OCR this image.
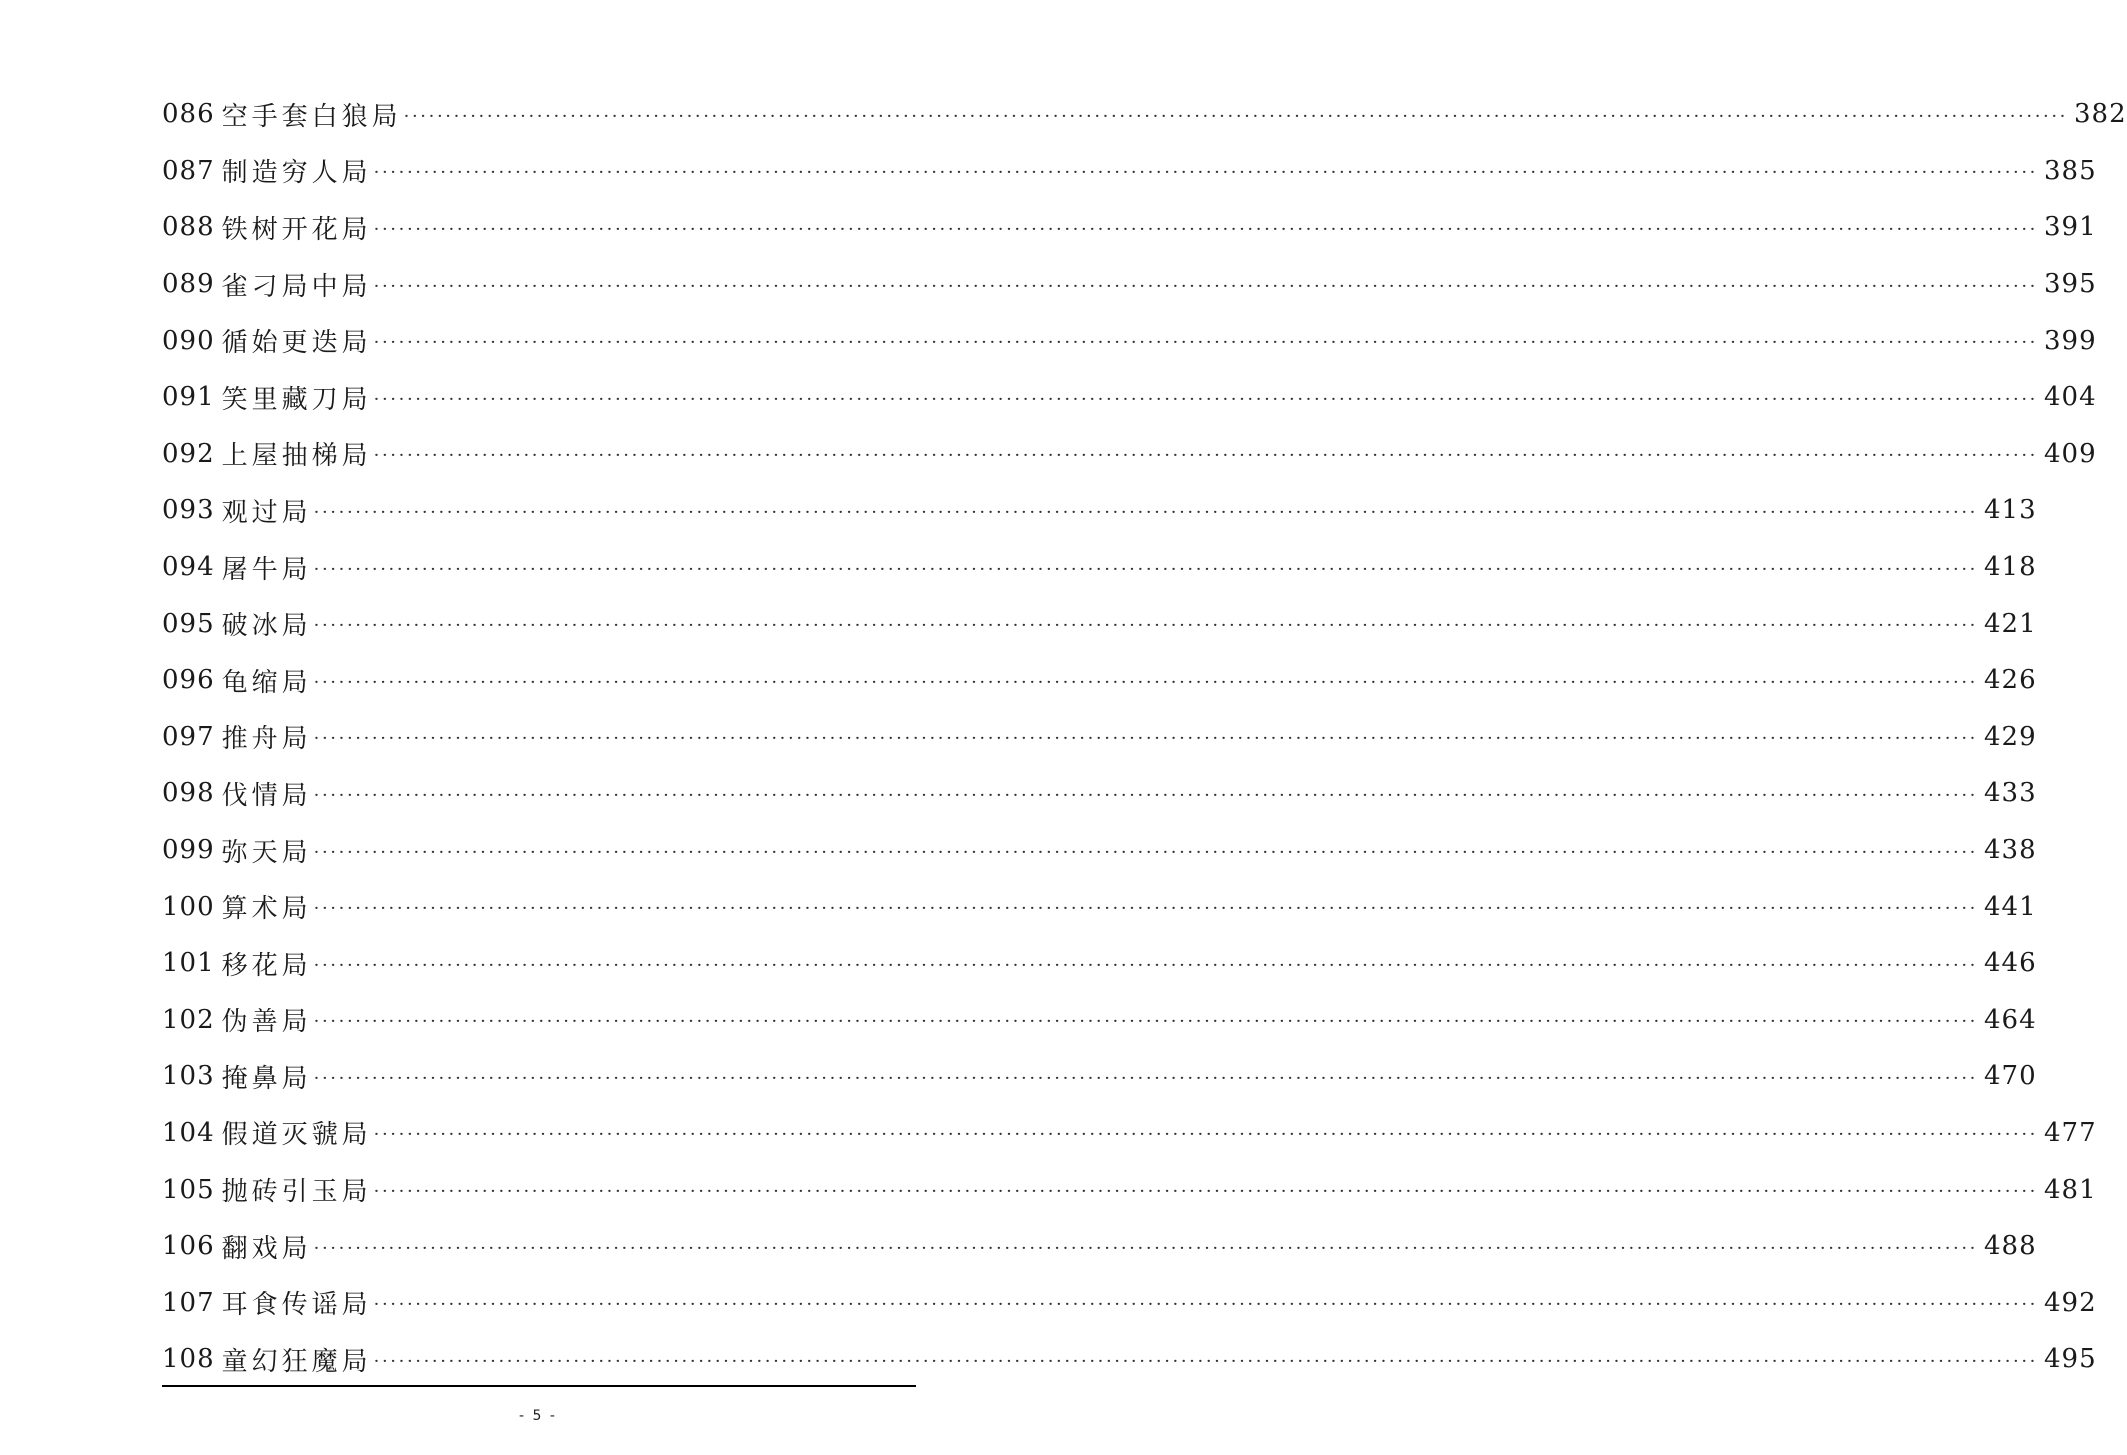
086 空手套白狼局 ········································································································································································································ 382
087 制造穷人局 ········································································································································································································ 385
088 铁树开花局 ········································································································································································································ 391
089 雀刁局中局 ········································································································································································································ 395
090 循始更迭局 ········································································································································································································ 399
091 笑里藏刀局 ········································································································································································································ 404
092 上屋抽梯局 ········································································································································································································ 409
093 观过局 ········································································································································································································ 413
094 屠牛局 ········································································································································································································ 418
095 破冰局 ········································································································································································································ 421
096 龟缩局 ········································································································································································································ 426
097 推舟局 ········································································································································································································ 429
098 伐情局 ········································································································································································································ 433
099 弥天局 ········································································································································································································ 438
100 算术局 ········································································································································································································ 441
101 移花局 ········································································································································································································ 446
102 伪善局 ········································································································································································································ 464
103 掩鼻局 ········································································································································································································ 470
104 假道灭虢局 ········································································································································································································ 477
105 抛砖引玉局 ········································································································································································································ 481
106 翻戏局 ········································································································································································································ 488
107 耳食传谣局 ········································································································································································································ 492
108 童幻狂魔局 ········································································································································································································ 495
- 5 -
